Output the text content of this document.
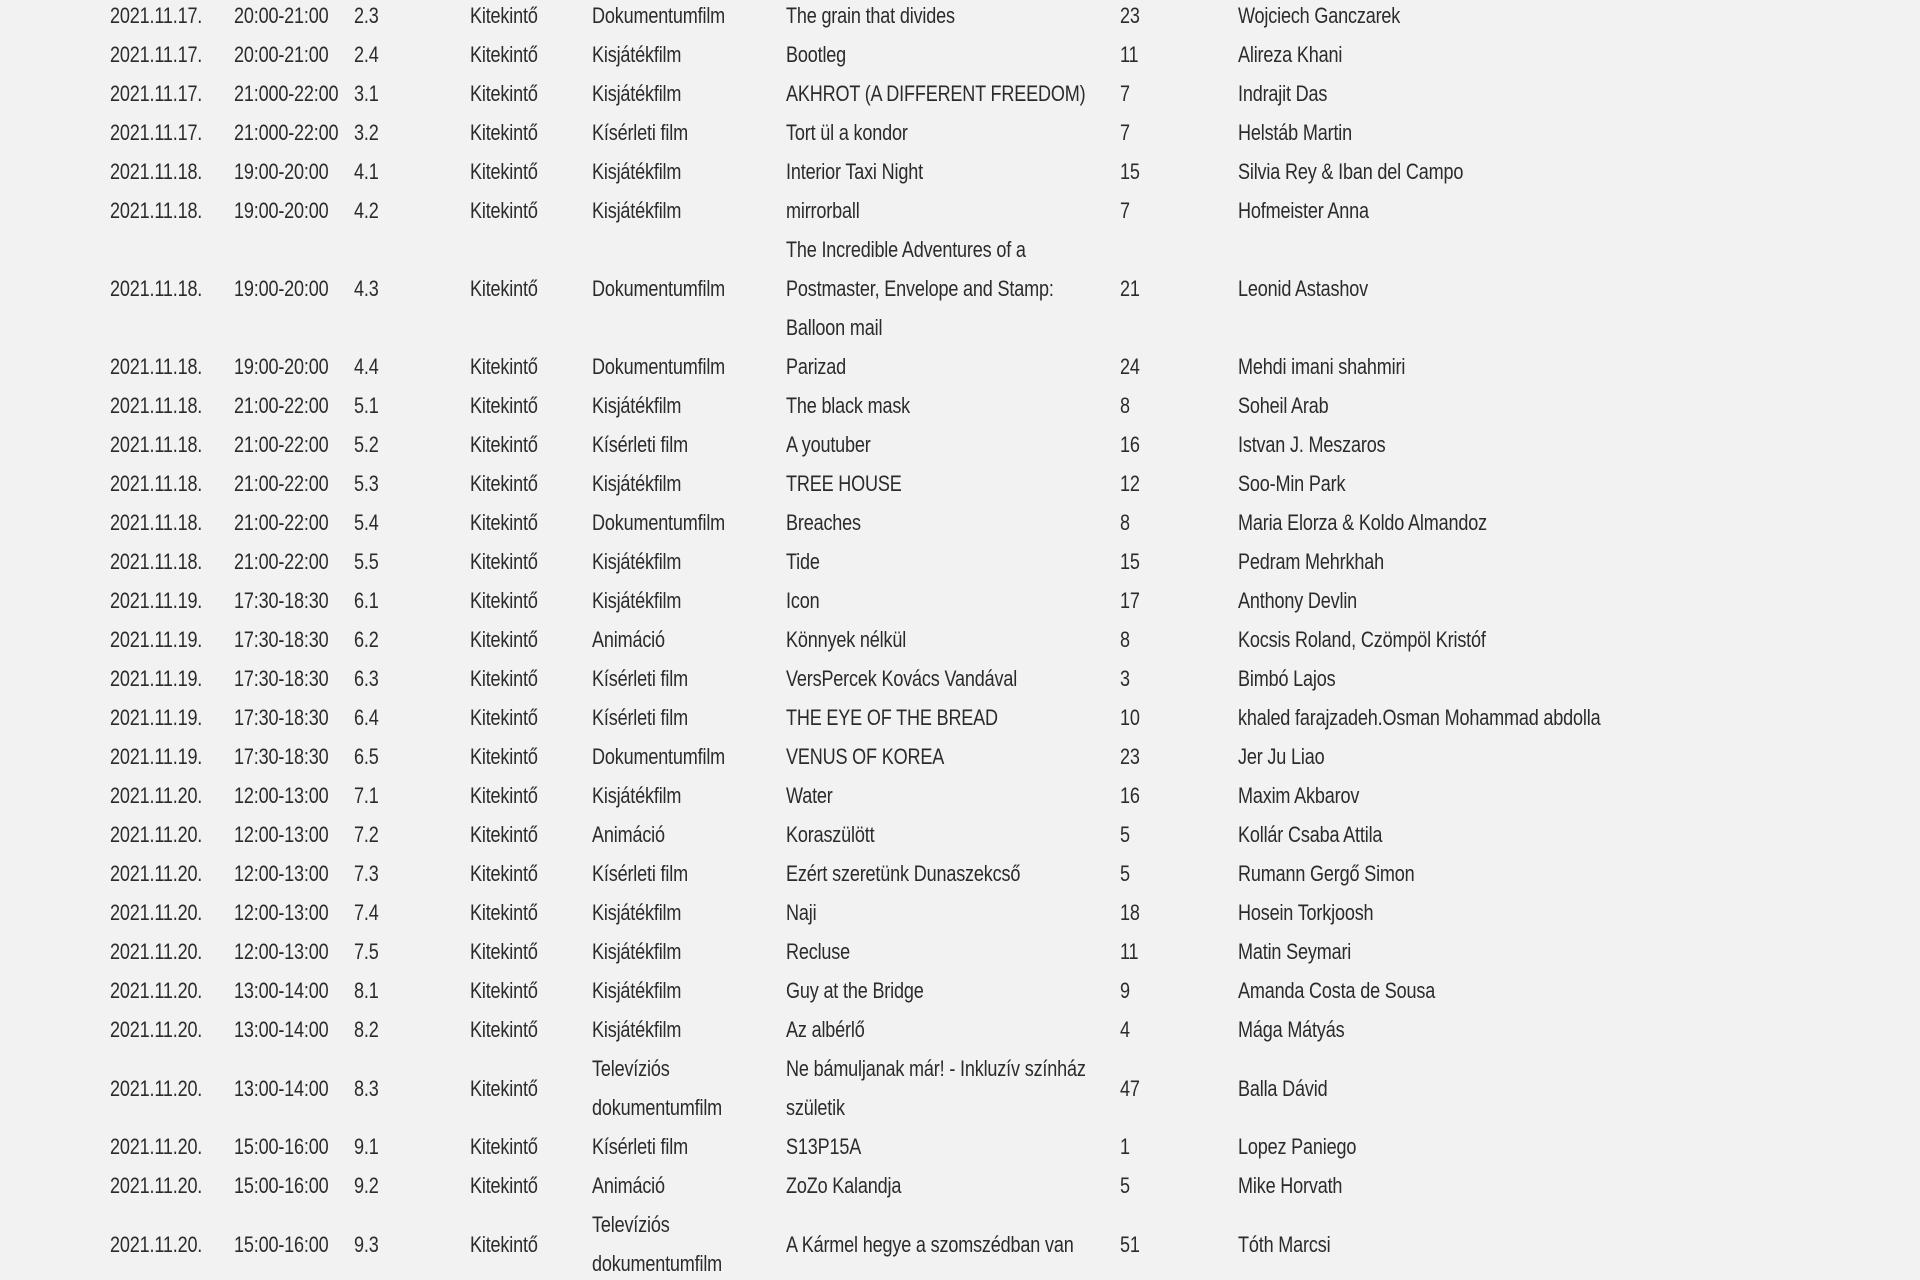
2021.11.17.	20:00-21:00	2.3	Kitekintő	Dokumentumfilm	The grain that divides	23	Wojciech Ganczarek
2021.11.17.	20:00-21:00	2.4	Kitekintő	Kisjátékfilm	Bootleg	11	Alireza Khani
2021.11.17.	21:000-22:00	3.1	Kitekintő	Kisjátékfilm	AKHROT (A DIFFERENT FREEDOM)	7	Indrajit Das
2021.11.17.	21:000-22:00	3.2	Kitekintő	Kísérleti film	Tort ül a kondor	7	Helstáb Martin
2021.11.18.	19:00-20:00	4.1	Kitekintő	Kisjátékfilm	Interior Taxi Night	15	Silvia Rey & Iban del Campo
2021.11.18.	19:00-20:00	4.2	Kitekintő	Kisjátékfilm	mirrorball	7	Hofmeister Anna
2021.11.18.	19:00-20:00	4.3	Kitekintő	Dokumentumfilm	The Incredible Adventures of a Postmaster, Envelope and Stamp: Balloon mail	21	Leonid Astashov
2021.11.18.	19:00-20:00	4.4	Kitekintő	Dokumentumfilm	Parizad	24	Mehdi imani shahmiri
2021.11.18.	21:00-22:00	5.1	Kitekintő	Kisjátékfilm	The black mask	8	Soheil Arab
2021.11.18.	21:00-22:00	5.2	Kitekintő	Kísérleti film	A youtuber	16	Istvan J. Meszaros
2021.11.18.	21:00-22:00	5.3	Kitekintő	Kisjátékfilm	TREE HOUSE	12	Soo-Min Park
2021.11.18.	21:00-22:00	5.4	Kitekintő	Dokumentumfilm	Breaches	8	Maria Elorza & Koldo Almandoz
2021.11.18.	21:00-22:00	5.5	Kitekintő	Kisjátékfilm	Tide	15	Pedram Mehrkhah
2021.11.19.	17:30-18:30	6.1	Kitekintő	Kisjátékfilm	Icon	17	Anthony Devlin
2021.11.19.	17:30-18:30	6.2	Kitekintő	Animáció	Könnyek nélkül	8	Kocsis Roland, Czömpöl Kristóf
2021.11.19.	17:30-18:30	6.3	Kitekintő	Kísérleti film	VersPercek Kovács Vandával	3	Bimbó Lajos
2021.11.19.	17:30-18:30	6.4	Kitekintő	Kísérleti film	THE EYE OF THE BREAD	10	khaled farajzadeh.Osman Mohammad abdolla
2021.11.19.	17:30-18:30	6.5	Kitekintő	Dokumentumfilm	VENUS OF KOREA	23	Jer Ju Liao
2021.11.20.	12:00-13:00	7.1	Kitekintő	Kisjátékfilm	Water	16	Maxim Akbarov
2021.11.20.	12:00-13:00	7.2	Kitekintő	Animáció	Koraszülött	5	Kollár Csaba Attila
2021.11.20.	12:00-13:00	7.3	Kitekintő	Kísérleti film	Ezért szeretünk Dunaszekcső	5	Rumann Gergő Simon
2021.11.20.	12:00-13:00	7.4	Kitekintő	Kisjátékfilm	Naji	18	Hosein Torkjoosh
2021.11.20.	12:00-13:00	7.5	Kitekintő	Kisjátékfilm	Recluse	11	Matin Seymari
2021.11.20.	13:00-14:00	8.1	Kitekintő	Kisjátékfilm	Guy at the Bridge	9	Amanda Costa de Sousa
2021.11.20.	13:00-14:00	8.2	Kitekintő	Kisjátékfilm	Az albérlő	4	Mága Mátyás
2021.11.20.	13:00-14:00	8.3	Kitekintő	Televíziós dokumentumfilm	Ne bámuljanak már! - Inkluzív színház születik	47	Balla Dávid
2021.11.20.	15:00-16:00	9.1	Kitekintő	Kísérleti film	S13P15A	1	Lopez Paniego
2021.11.20.	15:00-16:00	9.2	Kitekintő	Animáció	ZoZo Kalandja	5	Mike Horvath
2021.11.20.	15:00-16:00	9.3	Kitekintő	Televíziós dokumentumfilm	A Kármel hegye a szomszédban van	51	Tóth Marcsi
